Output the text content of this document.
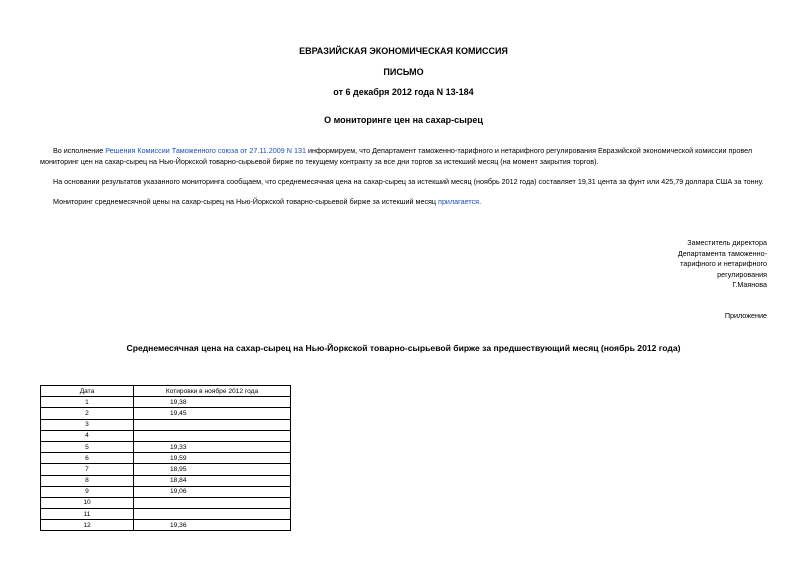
ЕВРАЗИЙСКАЯ ЭКОНОМИЧЕСКАЯ КОМИССИЯ
ПИСЬМО
от 6 декабря 2012 года N 13-184
О мониторинге цен на сахар-сырец
Во исполнение Решения Комиссии Таможенного союза от 27.11.2009 N 131 информируем, что Департамент таможенно-тарифного и нетарифного регулирования Евразийской экономической комиссии провел мониторинг цен на сахар-сырец на Нью-Йоркской товарно-сырьевой бирже по текущему контракту за все дни торгов за истекший месяц (на момент закрытия торгов).
На основании результатов указанного мониторинга сообщаем, что среднемесячная цена на сахар-сырец за истекший месяц (ноябрь 2012 года) составляет 19,31 цента за фунт или 425,79 доллара США за тонну.
Мониторинг среднемесячной цены на сахар-сырец на Нью-Йоркской товарно-сырьевой бирже за истекший месяц прилагается.
Заместитель директора
Департамента таможенно-
тарифного и нетарифного
регулирования
Г.Маянова
Приложение
Среднемесячная цена на сахар-сырец на Нью-Йоркской товарно-сырьевой бирже за предшествующий месяц (ноябрь 2012 года)
Дата	Котировки в ноябре 2012 года
1	19,38
2	19,45
3	
4	
5	19,33
6	19,59
7	18,95
8	18,84
9	19,06
10	
11	
12	19,36
